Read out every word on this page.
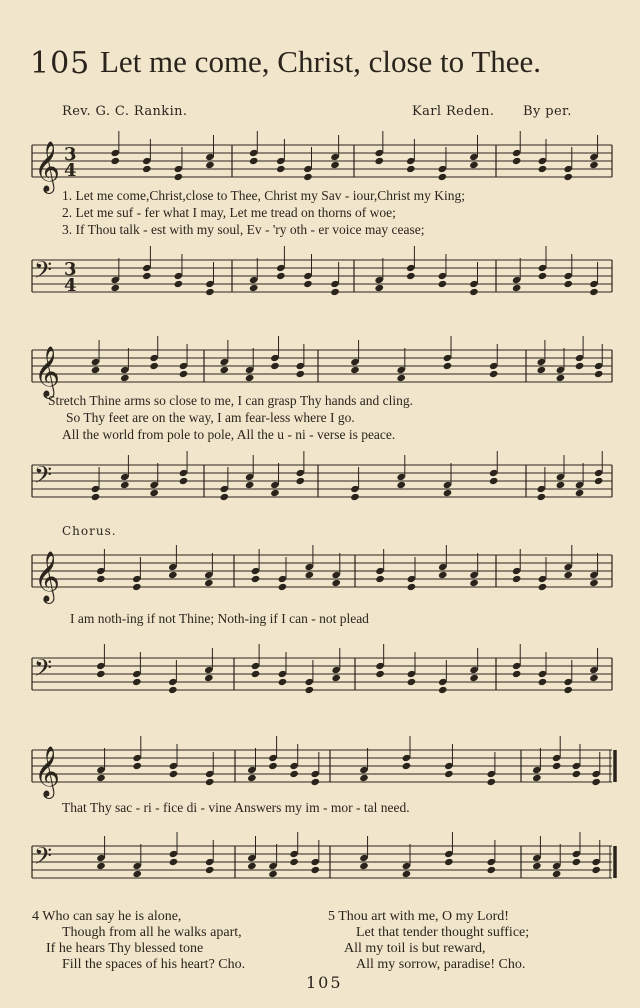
105 Let me come, Christ, close to Thee.
Rev. G. C. Rankin.	Karl Reden. By per.
𝄞 3
4
1. Let me come,Christ,close to Thee, Christ my Sav - iour,Christ my King;
2. Let me suf - fer what I may, Let me tread on thorns of woe;
3. If Thou talk - est with my soul, Ev - 'ry oth - er voice may cease;
𝄢 3
4
𝄞
Stretch Thine arms so close to me, I can grasp Thy hands and cling.
So Thy feet are on the way, I am fear-less where I go.
All the world from pole to pole, All the u - ni - verse is peace.
𝄢
Chorus.
𝄞
I am noth-ing if not Thine; Noth-ing if I can - not plead
𝄢
𝄞
That Thy sac - ri - fice di - vine Answers my im - mor - tal need.
𝄢
4 Who can say he is alone,
Though from all he walks apart,
If he hears Thy blessed tone
Fill the spaces of his heart? Cho.
5 Thou art with me, O my Lord!
Let that tender thought suffice;
All my toil is but reward,
All my sorrow, paradise! Cho.
105
